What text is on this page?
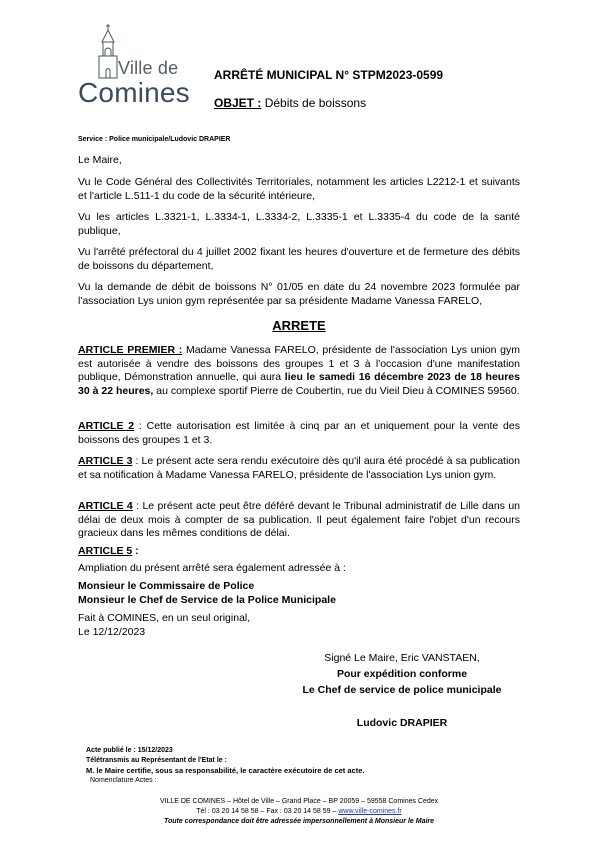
Ville de
Comines
ARRÊTÉ MUNICIPAL N° STPM2023-0599
OBJET : Débits de boissons
Service : Police municipale/Ludovic DRAPIER

Le Maire,

Vu le Code Général des Collectivités Territoriales, notamment les articles L2212-1 et suivants et l'article L.511-1 du code de la sécurité intérieure,

Vu les articles L.3321-1, L.3334-1, L.3334-2, L.3335-1 et L.3335-4 du code de la santé publique,

Vu l'arrêté préfectoral du 4 juillet 2002 fixant les heures d'ouverture et de fermeture des débits de boissons du département,

Vu la demande de débit de boissons N° 01/05 en date du 24 novembre 2023 formulée par l'association Lys union gym représentée par sa présidente Madame Vanessa FARELO,

ARRETE

ARTICLE PREMIER : Madame Vanessa FARELO, présidente de l'association Lys union gym est autorisée à vendre des boissons des groupes 1 et 3 à l'occasion d'une manifestation publique, Démonstration annuelle, qui aura lieu le samedi 16 décembre 2023 de 18 heures 30 à 22 heures, au complexe sportif Pierre de Coubertin, rue du Vieil Dieu à COMINES 59560.

ARTICLE 2 : Cette autorisation est limitée à cinq par an et uniquement pour la vente des boissons des groupes 1 et 3.

ARTICLE 3 : Le présent acte sera rendu exécutoire dès qu'il aura été procédé à sa publication et sa notification à Madame Vanessa FARELO, présidente de l'association Lys union gym.

ARTICLE 4 : Le présent acte peut être déféré devant le Tribunal administratif de Lille dans un délai de deux mois à compter de sa publication. Il peut également faire l'objet d'un recours gracieux dans les mêmes conditions de délai.

ARTICLE 5 :

Ampliation du présent arrêté sera également adressée à :

Monsieur le Commissaire de Police

Monsieur le Chef de Service de la Police Municipale

Fait à COMINES, en un seul original,

Le 12/12/2023

Signé Le Maire, Eric VANSTAEN,
Pour expédition conforme
Le Chef de service de police municipale
Ludovic DRAPIER
Acte publié le : 15/12/2023
Télétransmis au Représentant de l'Etat le :
M. le Maire certifie, sous sa responsabilité, le caractère exécutoire de cet acte.
Nomenclature Actes :
VILLE DE COMINES – Hôtel de Ville – Grand Place – BP 20059 – 59558 Comines Cedex
Tél : 03 20 14 58 58 – Fax : 03 20 14 58 59 – www.ville-comines.fr
Toute correspondance doit être adressée impersonnellement à Monsieur le Maire
